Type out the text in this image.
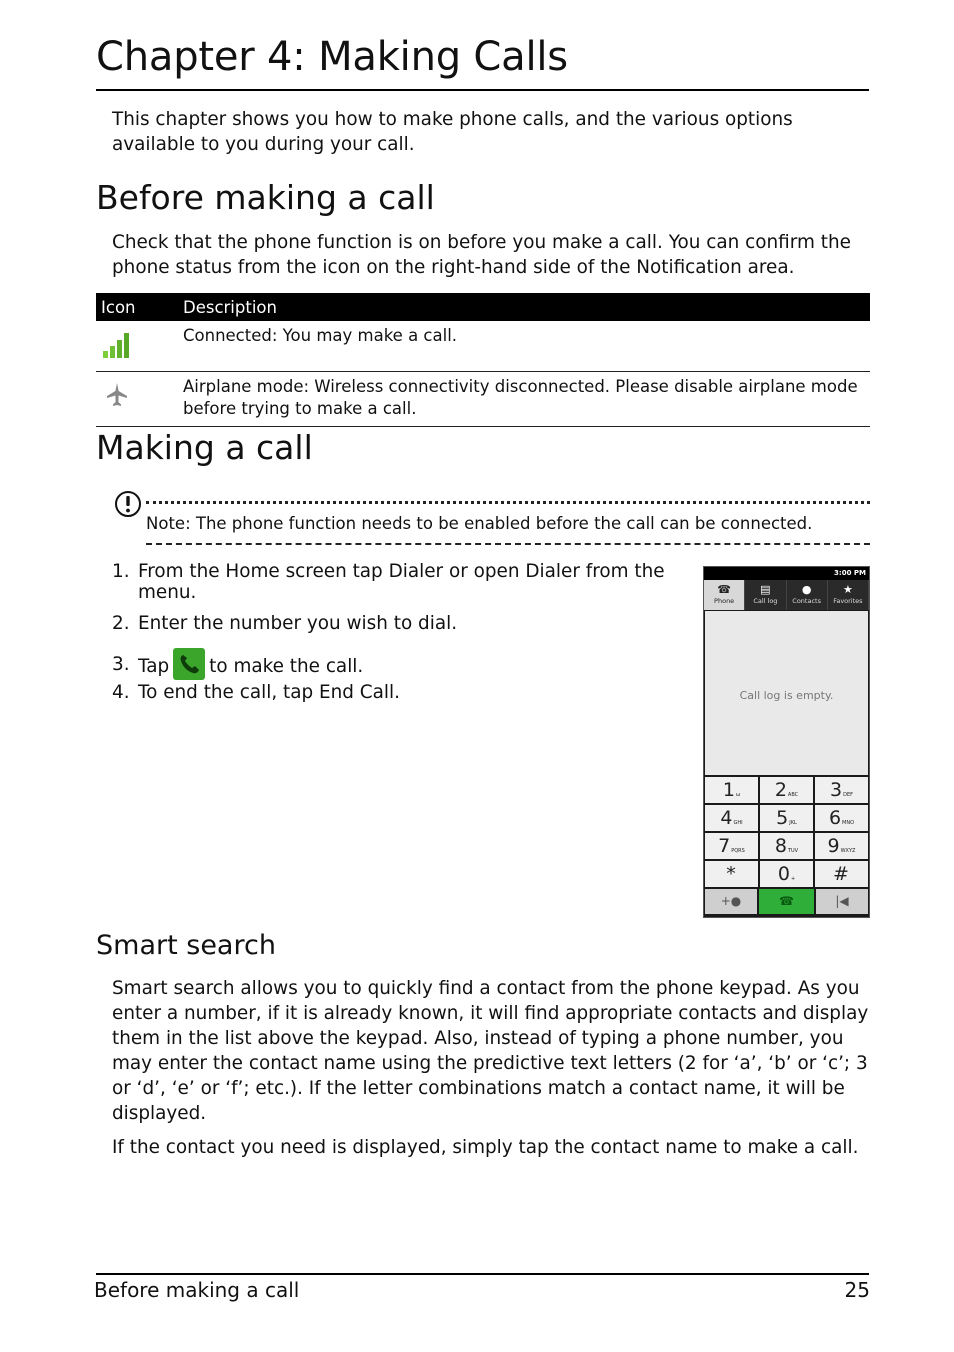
Chapter 4: Making Calls

This chapter shows you how to make phone calls, and the various options available to you during your call.

Before making a call

Check that the phone function is on before you make a call. You can confirm the phone status from the icon on the right-hand side of the Notification area.

Icon	Description
	Connected: You may make a call.
	Airplane mode: Wireless connectivity disconnected. Please disable airplane mode before trying to make a call.
Making a call
Note: The phone function needs to be enabled before the call can be connected.
1. From the Home screen tap Dialer or open Dialer from the
menu.
2. Enter the number you wish to dial.
3. Tap to make the call.
4. To end the call, tap End Call.
3:00 PM
☎
Phone
▤
Call log
●
Contacts
★
Favorites
Call log is empty.
1ω	2ABC	3DEF
4GHI	5JKL	6MNO
7PQRS	8TUV	9WXYZ
*	0+	#
+●	☎	|◀
Smart search

Smart search allows you to quickly find a contact from the phone keypad. As you enter a number, if it is already known, it will find appropriate contacts and display them in the list above the keypad. Also, instead of typing a phone number, you may enter the contact name using the predictive text letters (2 for ‘a’, ‘b’ or ‘c’; 3 or ‘d’, ‘e’ or ‘f’; etc.). If the letter combinations match a contact name, it will be displayed.

If the contact you need is displayed, simply tap the contact name to make a call.

Before making a call	25
